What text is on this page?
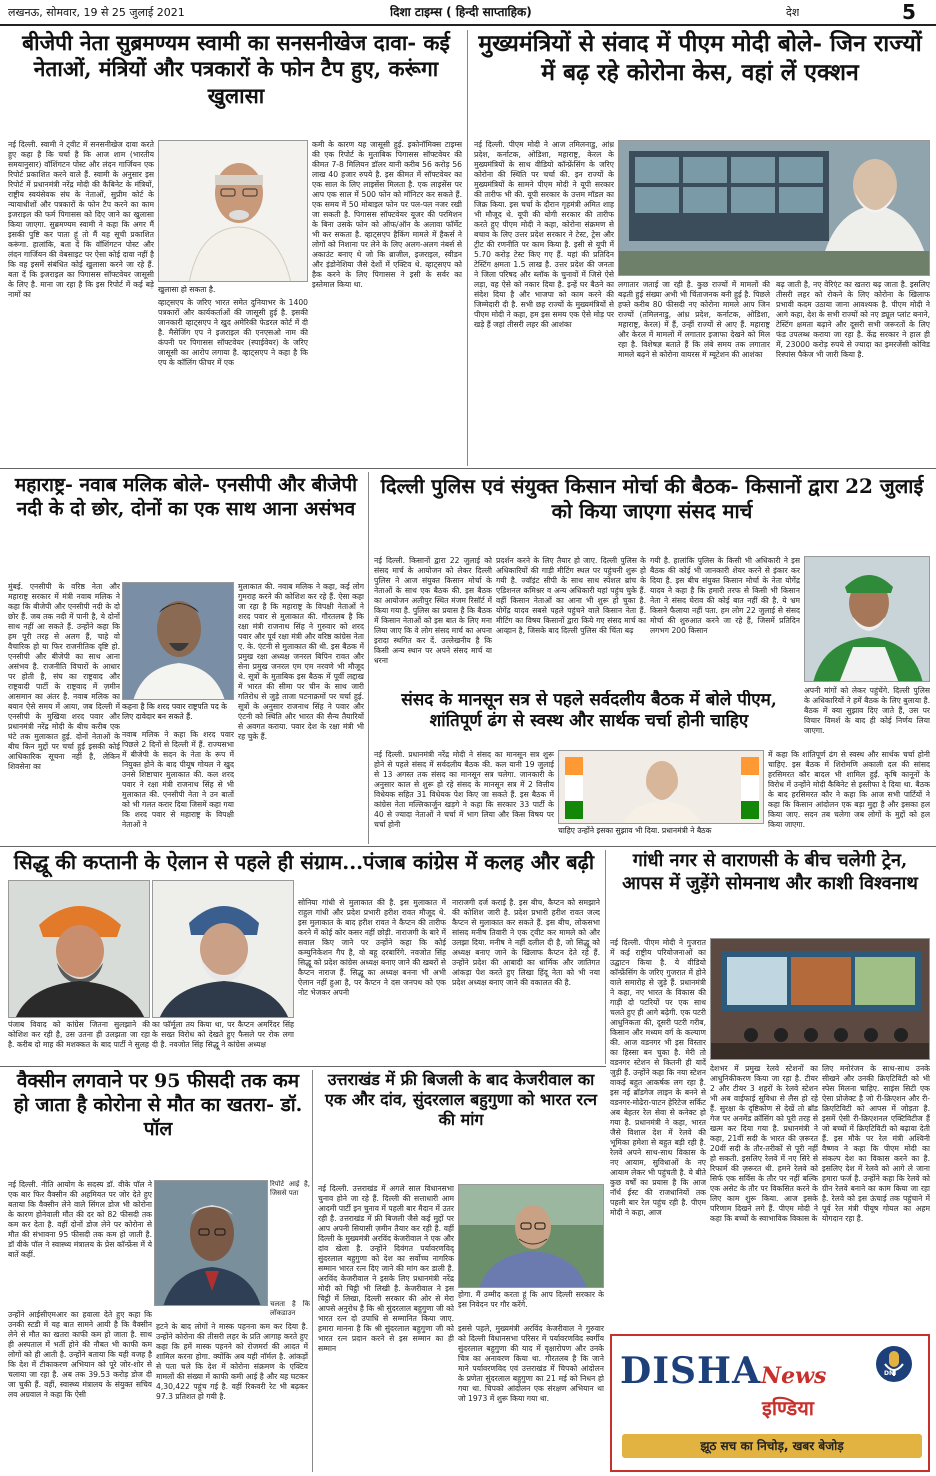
लखनऊ, सोमवार, 19 से 25 जुलाई 2021	दिशा टाइम्स ( हिन्दी साप्ताहिक)	देश	5
बीजेपी नेता सुब्रमण्यम स्वामी का सनसनीखेज दावा- कई नेताओं, मंत्रियों और पत्रकारों के फोन टैप हुए, करूंगा खुलासा
नई दिल्ली. स्वामी ने ट्वीट में सनसनीखेज दावा करते हुए कहा है कि चर्चा है कि आज शाम (भारतीय समयानुसार) वॉशिंगटन पोस्ट और लंदन गार्जियन एक रिपोर्ट प्रकाशित करने वाले हैं. स्वामी के अनुसार इस रिपोर्ट में प्रधानमंत्री नरेंद्र मोदी की कैबिनेट के मंत्रियों, राष्ट्रीय स्वयंसेवक संघ के नेताओं, सुप्रीम कोर्ट के न्यायाधीशों और पत्रकारों के फोन टैप करने का काम इजराइल की फर्म पिगासस को दिए जाने का खुलासा किया जाएगा. सुब्रमण्यम स्वामी ने कहा कि अगर मैं इसकी पुष्टि कर पाता हूं तो मैं यह सूची प्रकाशित करूंगा. हालांकि, बता दें कि वॉशिंगटन पोस्ट और लंदन गार्जियन की वेबसाइट पर ऐसा कोई दावा नहीं है कि वह इसमें संबंधित कोई खुलासा करने जा रहे हैं. बता दें कि इजराइल का पिगासस सॉफ्टवेयर जासूसी के लिए है. माना जा रहा है कि इस रिपोर्ट में कई बड़े नामों का
खुलासा हो सकता है.
व्हाट्सएप के जरिए भारत समेत दुनियाभर के 1400 पत्रकारों और कार्यकर्ताओं की जासूसी हुई है. इसकी जानकारी व्हाट्सएप ने खुद अमेरिकी फेडरल कोर्ट में दी है. मैसेजिंग एप ने इजराइल की एनएसओ नाम की कंपनी पर पिगासस सॉफ्टवेयर (स्पाईवेयर) के जरिए जासूसी का आरोप लगाया है. व्हाट्सएप ने कहा है कि एप के कॉलिंग फीचर में एक
कमी के कारण यह जासूसी हुई. इकोनॉमिक्स टाइम्स की एक रिपोर्ट के मुताबिक पिगासस सॉफ्टवेयर की कीमत 7-8 मिलियन डॉलर यानी करीब 56 करोड़ 56 लाख 40 हजार रुपये है. इस कीमत में सॉफ्टवेयर का एक साल के लिए लाइसेंस मिलता है. एक लाइसेंस पर आप एक साल में 500 फोन को मॉनिटर कर सकते हैं. एक समय में 50 मोबाइल फोन पर पल-पल नजर रखी जा सकती है. पिगासस सॉफ्टवेयर यूजर की परमिशन के बिना उसके फोन को ऑफ/ऑन के अलावा फॉर्मेट भी कर सकता है. व्हाट्सएप हैकिंग मामले में हैकर्स ने लोगों को निशाना पर लेने के लिए अलग-अलग नंबर्स से अकाउंट बनाए थे जो कि ब्राजील, इजराइल, स्वीडन और इंडोनेशिया जैसे देशों में एक्टिव थे. व्हाट्सएप को हैक करने के लिए पिगासस ने इसी के सर्वर का इस्तेमाल किया था.
मुख्यमंत्रियों से संवाद में पीएम मोदी बोले- जिन राज्यों में बढ़ रहे कोरोना केस, वहां लें एक्शन
नई दिल्ली. पीएम मोदी ने आज तमिलनाडु, आंध्र प्रदेश, कर्नाटक, ओडिशा, महाराष्ट्र, केरल के मुख्यमंत्रियों के साथ वीडियो कॉन्फ्रेंसिंग के जरिए कोरोना की स्थिति पर चर्चा की. इन राज्यों के मुख्यमंत्रियों के सामने पीएम मोदी ने यूपी सरकार की तारीफ भी की. यूपी सरकार के उत्तम मॉडल का जिक्र किया. इस चर्चा के दौरान गृहमंत्री अमित शाह भी मौजूद थे. यूपी की योगी सरकार की तारीफ करते हुए पीएम मोदी ने कहा, कोरोना संक्रमण से बचाव के लिए उत्तर प्रदेश सरकार ने टेस्ट, ट्रेस और ट्रीट की रणनीति पर काम किया है. इसी से यूपी में 5.70 करोड़ टेस्ट किए गए हैं. यहां की प्रतिदिन टेस्टिंग क्षमता 1.5 लाख है. उत्तर प्रदेश की जनता ने जिला परिषद और ब्लॉक के चुनावों में जिसे ऐसे लड़ा, वह ऐसे को नकार दिया है. इन्हें घर बैठने का संदेश दिया है और भाजपा को काम करने की जिम्मेदारी दी है. सभी छह राज्यों के मुख्यमंत्रियों से पीएम मोदी ने कहा, हम इस समय एक ऐसे मोड़ पर खड़े हैं जहां तीसरी लहर की आशंका
लगातार जताई जा रही है. कुछ राज्यों में मामलों की बढ़ती हुई संख्या अभी भी चिंताजनक बनी हुई है. पिछले हफ्ते करीब 80 फीसदी नए कोरोना मामले आप जिन राज्यों (तमिलनाडु, आंध्र प्रदेश, कर्नाटक, ओडिशा, महाराष्ट्र, केरल) में हैं, उन्हीं राज्यों से आए हैं. महाराष्ट्र और केरल में मामलों में लगातार इजाफा देखने को मिल रहा है. विशेषज्ञ बताते हैं कि लंबे समय तक लगातार मामले बढ़ने से कोरोना वायरस में म्यूटेशन की आशंका
बढ़ जाती है, नए वेरिएंट का खतरा बढ़ जाता है. इसलिए तीसरी लहर को रोकने के लिए कोरोना के खिलाफ प्रभावी कदम उठाया जाना आवश्यक है. पीएम मोदी ने आगे कहा, देश के सभी राज्यों को नए ड्यूल प्लांट बनाने, टेस्टिंग क्षमता बढ़ाने और दूसरी सभी जरूरतों के लिए फंड उपलब्ध कराया जा रहा है. केंद्र सरकार ने हाल ही में, 23000 करोड़ रुपये से ज्यादा का इमरजेंसी कोविड रिस्पांस पैकेज भी जारी किया है.
महाराष्ट्र- नवाब मलिक बोले- एनसीपी और बीजेपी नदी के दो छोर, दोनों का एक साथ आना असंभव
मुंबई. एनसीपी के वरिष्ठ नेता और महाराष्ट्र सरकार में मंत्री नवाब मलिक ने कहा कि बीजेपी और एनसीपी नदी के दो छोर हैं. जब तक नदी में पानी है, ये दोनों साथ नहीं आ सकते हैं. उन्होंने कहा कि हम पूरी तरह से अलग हैं, चाहे वो वैचारिक हो या फिर राजनीतिक दृष्टि हो. एनसीपी और बीजेपी का साथ आना असंभव है. राजनीति विचारों के आधार पर होती है, संघ का राष्ट्रवाद और राष्ट्रवादी पार्टी के राष्ट्रवाद में ज़मीन आसमान का अंतर है. नवाब मलिक का बयान ऐसे समय में आया, जब दिल्ली में एनसीपी के मुखिया शरद पवार और प्रधानमंत्री नरेंद्र मोदी के बीच करीब एक घंटे तक मुलाकात हुई. दोनों नेताओं के बीच किन मुद्दों पर चर्चा हुई इसकी कोई आधिकारिक सूचना नहीं है, लेकिन शिवसेना का
कहना है कि शरद पवार राष्ट्रपति पद के लिए दावेदार बन सकते हैं.
नवाब मलिक ने कहा कि शरद पवार पिछले 2 दिनों से दिल्ली में हैं. राज्यसभा में बीजेपी के सदन के नेता के रूप में नियुक्त होने के बाद पीयूष गोयल ने खुद उनसे शिष्टाचार मुलाकात की. कल शरद पवार ने रक्षा मंत्री राजनाथ सिंह से भी मुलाकात की. एनसीपी नेता ने उन बातों को भी गलत करार दिया जिसमें कहा गया कि शरद पवार से महाराष्ट्र के विपक्षी नेताओं ने
मुलाकात की. नवाब मलिक ने कहा, कई लोग गुमराह करने की कोशिश कर रहे हैं. ऐसा कहा जा रहा है कि महाराष्ट्र के विपक्षी नेताओं ने शरद पवार से मुलाकात की. गौरतलब है कि रक्षा मंत्री राजनाथ सिंह ने गुरुवार को शरद पवार और पूर्व रक्षा मंत्री और वरिष्ठ कांग्रेस नेता ए. के. एंटनी से मुलाकात की थी. इस बैठक में प्रमुख रक्षा अध्यक्ष जनरल बिपिन रावत और सेना प्रमुख जनरल एम एम नरवणे भी मौजूद थे. सूत्रों के मुताबिक इस बैठक में पूर्वी लद्दाख में भारत की सीमा पर चीन के साथ जारी गतिरोध से जुड़े ताजा घटनाक्रमों पर चर्चा हुई. सूत्रों के अनुसार राजनाथ सिंह ने पवार और एंटनी को स्थिति और भारत की सैन्य तैयारियों से अवगत कराया. पवार देश के रक्षा मंत्री भी रह चुके हैं.
दिल्ली पुलिस एवं संयुक्त किसान मोर्चा की बैठक- किसानों द्वारा 22 जुलाई को किया जाएगा संसद मार्च
नई दिल्ली. किसानों द्वारा 22 जुलाई को संसद मार्च के आयोजन को लेकर दिल्ली पुलिस ने आज संयुक्त किसान मोर्चा के नेताओं के साथ एक बैठक की. इस बैठक का आयोजन अलीपुर स्थित मंजम रिसॉर्ट में किया गया है. पुलिस का प्रयास है कि बैठक में किसान नेताओं को इस बात के लिए मना लिया जाए कि वे लोग संसद मार्च का अपना इरादा स्थगित कर दें. उल्लेखनीय है कि किसी अन्य स्थान पर अपने संसद मार्च या धरना
प्रदर्शन करने के लिए तैयार हो जाए. दिल्ली पुलिस के अधिकारियों की गाड़ी मीटिंग स्थल पर पहुंचनी शुरू हो गयी है. ज्वॉइंट सीपी के साथ साथ स्पेशल ब्रांच के एडिशनल कमिश्नर व अन्य अधिकारी यहां पहुंच चुके हैं. वहीं किसान नेताओं का आना भी शुरू हो चुका है. योगेंद्र यादव सबसे पहले पहुंचने वाले किसान नेता हैं. मीटिंग का विषय किसानों द्वारा किये गए संसद मार्च का आव्हान है, जिसके बाद दिल्ली पुलिस की चिंता बढ़
गयी है. हालांकि पुलिस के किसी भी अधिकारी ने इस बैठक की कोई भी जानकारी शेयर करने से इंकार कर दिया है. इस बीच संयुक्त किसान मोर्चा के नेता योगेंद्र यादव ने कहा है कि हमारी तरफ से किसी भी किसान नेता ने संसद घेराव की कोई बात नहीं की है. ये भ्रम किसने फैलाया नहीं पता. हम लोग 22 जुलाई से संसद मोर्चा की शुरुआत करने जा रहे हैं, जिसमें प्रतिदिन लगभग 200 किसान
अपनी मांगों को लेकर पहुंचेंगे. दिल्ली पुलिस के अधिकारियों ने हमें बैठक के लिए बुलाया है. बैठक में क्या सुझाव दिए जाते हैं, उस पर विचार विमर्श के बाद ही कोई निर्णय लिया जाएगा.
संसद के मानसून सत्र से पहले सर्वदलीय बैठक में बोले पीएम, शांतिपूर्ण ढंग से स्वस्थ और सार्थक चर्चा होनी चाहिए
नई दिल्ली. प्रधानमंत्री नरेंद्र मोदी ने संसद का मानसून सत्र शुरू होने से पहले संसद में सर्वदलीय बैठक की. कल यानी 19 जुलाई से 13 अगस्त तक संसद का मानसून सत्र चलेगा. जानकारी के अनुसार काल से शुरू हो रहे संसद के मानसून सत्र में 2 वित्तीय विधेयक सहित 31 विधेयक पेश किए जा सकते हैं. इस बैठक में कांग्रेस नेता मल्लिकार्जुन खड़गे ने कहा कि सरकार 33 पार्टी के 40 से ज्यादा नेताओं ने चर्चा में भाग लिया और किस विषय पर चर्चा होनी
चाहिए उन्होंने इसका सुझाव भी दिया. प्रधानमंत्री ने बैठक
में कहा कि शांतिपूर्ण ढंग से स्वस्थ और सार्थक चर्चा होनी चाहिए. इस बैठक में शिरोमणि अकाली दल की सांसद हरसिमरत कौर बादल भी शामिल हुईं. कृषि कानूनों के विरोध में उन्होंने मोदी कैबिनेट से इस्तीफा दे दिया था. बैठक के बाद हरसिमरत कौर ने कहा कि आज सभी पार्टियों ने कहा कि किसान आंदोलन एक बड़ा मुद्दा है और इसका हल किया जाए. सदन तब चलेगा जब लोगों के मुद्दों को हल किया जाएगा.
सिद्धू की कप्तानी के ऐलान से पहले ही संग्राम...पंजाब कांग्रेस में कलह और बढ़ी
पंजाब विवाद को कांग्रेस जितना सुलझाने की कोशिश कर रही है, उस उतना ही उलझता जा रहा है. करीब दो माह की मशक्कत के बाद पार्टी ने सुलह
का फॉर्मूला तय किया था, पर कैप्टन अमरिंदर सिंह के सख्त विरोध को देखते हुए फैसले पर रोक लगा दी है. नवजोत सिंह सिद्धू ने कांग्रेस अध्यक्ष
सोनिया गांधी से मुलाकात की है. इस मुलाकात में राहुल गांधी और प्रदेश प्रभारी हरीश रावत मौजूद थे. इस मुलाकात के बाद हरीश रावत ने कैप्टन की तारीफ करने में कोई कोर कसर नहीं छोड़ी. नाराजगी के बारे में सवाल किए जाने पर उन्होंने कहा कि कोई कम्युनिकेशन गैप है, वो बहू दरबारिंगे. नवजोत सिंह सिद्धू को प्रदेश कांग्रेस अध्यक्ष बनाए जाने की खबरों से कैप्टन नाराज हैं. सिद्धू का अध्यक्ष बनना भी अभी ऐलान नहीं हुआ है, पर कैप्टन ने दस जनपथ को एक नोट भेजकर अपनी
नाराजगी दर्ज कराई है. इस बीच, कैप्टन को समझाने की कोशिश जारी है. प्रदेश प्रभारी हरीश रावत जल्द कैप्टन से मुलाकात कर सकते हैं. इस बीच, लोकसभा सांसद मनीष तिवारी ने एक ट्वीट कर मामले को और उलझा दिया. मनीष ने नहीं दलील दी है, जो सिद्धू को अध्यक्ष बनाए जाने के खिलाफ कैप्टन देते रहे हैं. उन्होंने प्रदेश की आबादी का धार्मिक और जातिगत आंकड़ा पेश करते हुए लिखा हिंदू नेता को भी नया प्रदेश अध्यक्ष बनाए जाने की वकालत की है.
गांधी नगर से वाराणसी के बीच चलेगी ट्रेन, आपस में जुड़ेंगे सोमनाथ और काशी विश्वनाथ
नई दिल्ली. पीएम मोदी ने गुजरात में कई राष्ट्रीय परियोजनाओं का उद्घाटन किया है. ये वीडियो कॉन्फ्रेंसिंग के जरिए गुजरात में होने वाले समारोह से जुड़े हैं. प्रधानमंत्री ने कहा, नए भारत के विकास की गाड़ी दो पटरियों पर एक साथ चलते हुए ही आगे बढ़ेगी. एक पटरी आधुनिकता की, दूसरी पटरी गरीब, किसान और मध्यम वर्ग के कल्याण की. आज वडनगर भी इस विस्तार का हिस्सा बन चुका है. मेरी तो वडनगर स्टेशन से कितनी ही यादें जुड़ी हैं. उन्होंने कहा कि नया स्टेशन वाकई बहुत आकर्षक लग रहा है. इस नई ब्रॉडगेज लाइन के बनने से वडनगर-मोढेरा-पाटन हेरिटेज सर्किट अब बेहतर रेल सेवा से कनेक्ट हो गया है. प्रधानमंत्री ने कहा, भारत जैसे विशाल देश में रेलवे की भूमिका हमेशा से बहुत बड़ी रही है. रेलवे अपने साथ-साथ विकास के नए आयाम, सुविधाओं के नए आयाम लेकर भी पहुंचती है. ये बीते कुछ वर्षों का प्रयास है कि आज नॉर्थ ईस्ट की राजधानियों तक पहली बार रेल पहुंच रही है. पीएम मोदी ने कहा, आज
देशभर में प्रमुख रेलवे स्टेशनों का आधुनिकीकरण किया जा रहा है. टीयर 2 और टीयर 3 शहरों के रेलवे स्टेशन भी अब वाईफाई सुविधा से लैस हो रहे हैं. सुरक्षा के दृष्टिकोण से देखें तो ब्रॉड गेज पर अनमेंड क्रॉसिंग को पूरी तरह से खत्म कर दिया गया है. प्रधानमंत्री ने कहा, 21वीं सदी के भारत की ज़रूरत 20वीं सदी के तौर-तरीकों से पूरी नहीं हो सकती. इसलिए रेलवे में नए सिरे से रिफार्म की ज़रूरत थी. हमने रेलवे को सिर्फ एक सर्विस के तौर पर नहीं बल्कि एक असेट के तौर पर विकसित करने के लिए काम शुरू किया. आज इसके परिणाम दिखने लगे हैं. पीएम मोदी ने कहा कि बच्चों के स्वाभाविक विकास के
लिए मनोरंजन के साथ-साथ उनके सीखने और उनकी क्रिएटिविटी को भी स्पेस मिलना चाहिए. साइंस सिटी एक ऐसा प्रोजेक्ट है जो री-क्रिएशन और री-क्रिएटिविटी को आपस में जोड़ता है. इसमें ऐसी री-क्रिएशनल एक्टिविटीज हैं जो बच्चों में क्रिएटिविटी को बढ़ावा देती हैं. इस मौके पर रेल मंत्री अश्विनी वैष्णव ने कहा कि पीएम मोदी का संकल्प देश का विकास करने का है. इसलिए देश में रेलवे को आगे ले जाना हमारा फर्ज है. उन्होंने कहा कि रेलवे को ग्रीन रेलवे बनाने का काम किया जा रहा है. रेलवे को इस ऊंचाई तक पहुंचाने में पूर्व रेल मंत्री पीयूष गोयल का अहम योगदान रहा है.
वैक्सीन लगवाने पर 95 फीसदी तक कम हो जाता है कोरोना से मौत का खतरा- डॉ. पॉल
नई दिल्ली. नीति आयोग के सदस्य डॉ. वीके पॉल ने एक बार फिर वैक्सीन की अहमियत पर जोर देते हुए बताया कि वैक्सीन लेने वाले सिंगल डोज भी कोरोना के कारण होनेवाली मौत की दर को 82 फीसदी तक कम कर देता है. वहीं दोनों डोज लेने पर कोरोना से मौत की संभावना 95 फीसदी तक कम हो जाती है. डॉ वीके पॉल ने स्वास्थ्य मंत्रालय के प्रेस कॉन्फ्रेंस में ये बातें कहीं.
रिपोर्ट आई है, जिससे पता
चलता है कि लॉकडाउन
उन्होंने आईसीएमआर का हवाला देते हुए कहा कि उनकी स्टडी में यह बात सामने आयी है कि वैक्सीन लेने से मौत का खतरा काफी कम हो जाता है. साथ ही अस्पताल में भर्ती होने की नौबत भी काफी कम लोगों को ही आती है. उन्होंने बताया कि यही वजह है कि देश में टीकाकरण अभियान को पूरे जोर-शोर से चलाया जा रहा है. अब तक 39.53 करोड़ डोज दी जा चुकी हैं. वहीं, स्वास्थ्य मंत्रालय के संयुक्त सचिव लव अग्रवाल ने कहा कि ऐसी
हटने के बाद लोगों ने मास्क पहनना कम कर दिया है. उन्होंने कोरोना की तीसरी लहर के प्रति आगाह करते हुए कहा कि हमें मास्क पहनने को रोजमर्रा की आदत में शामिल करना होगा. क्योंकि अब यही नॉर्मल है. आंकड़ों से पता चले कि देश में कोरोना संक्रमण के एक्टिव मामलों की संख्या में काफी कमी आई है और यह घटकर 4,30,422 पहुंच गई है. वहीं रिकवरी रेट भी बढ़कर 97.3 प्रतिशत हो गयी है.
उत्तराखंड में फ्री बिजली के बाद केजरीवाल का एक और दांव, सुंदरलाल बहुगुणा को भारत रत्न की मांग
नई दिल्ली. उत्तराखंड में अगले साल विधानसभा चुनाव होने जा रहे हैं. दिल्ली की सत्ताधारी आम आदमी पार्टी इन चुनाव में पहली बार मैदान में उतर रही है. उत्तराखंड में फ्री बिजली जैसे कई मुद्दों पर आप अपनी सियासी ज़मीन तैयार कर रही है. वहीं दिल्ली के मुख्यमंत्री अरविंद केजरीवाल ने एक और दांव खेला है. उन्होंने दिवंगत पर्यावरणविद् सुंदरलाल बहुगुणा को देश का सर्वोच्च नागरिक सम्मान भारत रत्न दिए जाने की मांग कर डाली है. अरविंद केजरीवाल ने इसके लिए प्रधानमंत्री नरेंद्र मोदी को चिट्ठी भी लिखी है. केजरीवाल ने इस चिट्ठी में लिखा, दिल्ली सरकार की ओर से मेरा आपसे अनुरोध है कि श्री सुंदरलाल बहुगुणा जी को भारत रत्न दो उपाधि से सम्मानित किया जाए. हमारा मानना है कि श्री सुंदरलाल बहुगुणा जी को भारत रत्न प्रदान करने से इस सम्मान का ही सम्मान
होगा. मैं उम्मीद करता हूं कि आप दिल्ली सरकार के इस निवेदन पर गौर करेंगे.
इससे पहले, मुख्यमंत्री अरविंद केजरीवाल ने गुरुवार को दिल्ली विधानसभा परिसर में पर्यावरणविद स्वर्गीय सुंदरलाल बहुगुणा की याद में वृक्षारोपण और उनके चित्र का अनावरण किया था. गौरतलब है कि जाने माने पर्यावरणविद एवं उत्तराखंड में चिपको आंदोलन के प्रणेता सुंदरलाल बहुगुणा का 21 मई को निधन हो गया था. चिपको आंदोलन एक संरक्षण अभियान था जो 1973 में शुरू किया गया था.
DISHANews	DNI
इण्डिया
झूठ सच का निचोड़, खबर बेजोड़
